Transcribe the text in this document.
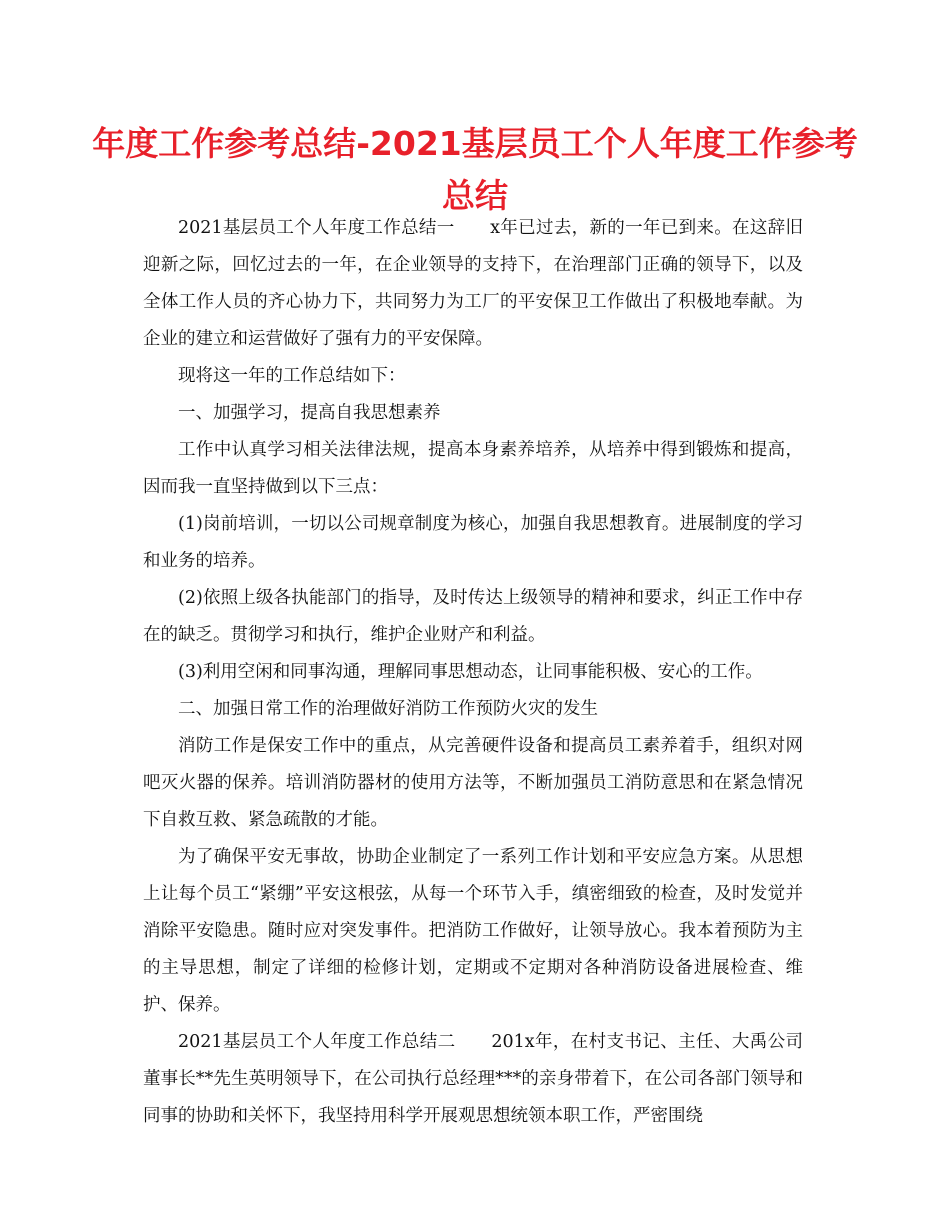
年度工作参考总结-2021基层员工个人年度工作参考总结

2021基层员工个人年度工作总结一　　x年已过去，新的一年已到来。在这辞旧迎新之际，回忆过去的一年，在企业领导的支持下，在治理部门正确的领导下，以及全体工作人员的齐心协力下，共同努力为工厂的平安保卫工作做出了积极地奉献。为企业的建立和运营做好了强有力的平安保障。

现将这一年的工作总结如下：

一、加强学习，提高自我思想素养

工作中认真学习相关法律法规，提高本身素养培养，从培养中得到锻炼和提高，因而我一直坚持做到以下三点：

(1)岗前培训，一切以公司规章制度为核心，加强自我思想教育。进展制度的学习和业务的培养。

(2)依照上级各执能部门的指导，及时传达上级领导的精神和要求，纠正工作中存在的缺乏。贯彻学习和执行，维护企业财产和利益。

(3)利用空闲和同事沟通，理解同事思想动态，让同事能积极、安心的工作。

二、加强日常工作的治理做好消防工作预防火灾的发生

消防工作是保安工作中的重点，从完善硬件设备和提高员工素养着手，组织对网吧灭火器的保养。培训消防器材的使用方法等，不断加强员工消防意思和在紧急情况下自救互救、紧急疏散的才能。

为了确保平安无事故，协助企业制定了一系列工作计划和平安应急方案。从思想上让每个员工“紧绷”平安这根弦，从每一个环节入手，缜密细致的检查，及时发觉并消除平安隐患。随时应对突发事件。把消防工作做好，让领导放心。我本着预防为主的主导思想，制定了详细的检修计划，定期或不定期对各种消防设备进展检查、维护、保养。

2021基层员工个人年度工作总结二　　201x年，在村支书记、主任、大禹公司董事长**先生英明领导下，在公司执行总经理***的亲身带着下，在公司各部门领导和同事的协助和关怀下，我坚持用科学开展观思想统领本职工作，严密围绕
